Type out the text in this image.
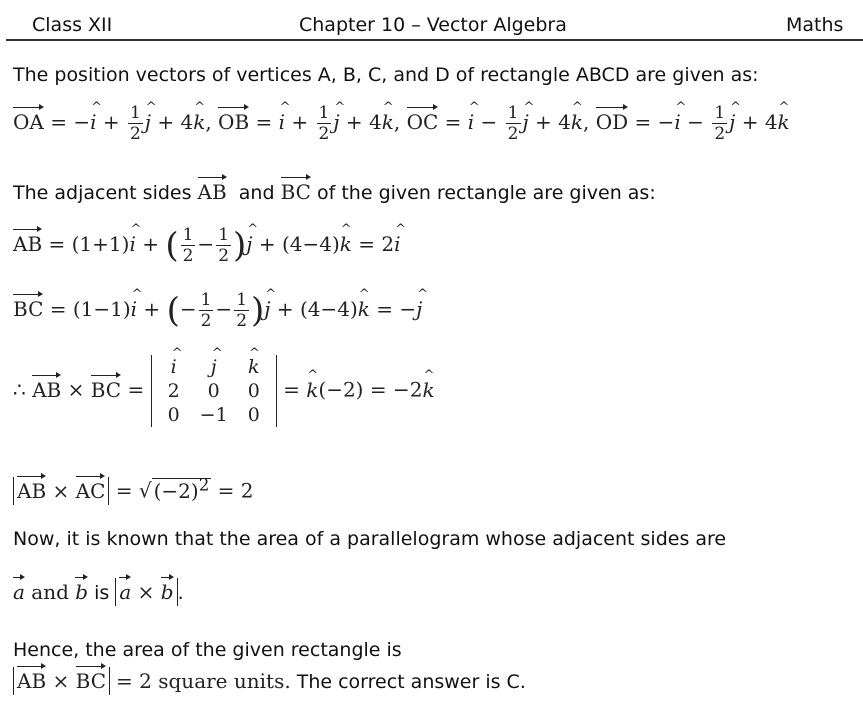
Class XII	Chapter 10 – Vector Algebra	Maths
The position vectors of vertices A, B, C, and D of rectangle ABCD are given as:
OA = −^ $i + \frac{1}{2}$ ^ j + 4^ k, OB = ^ $i + \frac{1}{2}$ ^ j + 4^ k, OC = ^ $i - \frac{1}{2}$ ^ j + 4^ k, OD = −^ $i - \frac{1}{2}$ ^ j + 4^ k
The adjacent sides AB and BC of the given rectangle are given as:
AB = (1+1)^ i + ( $\frac{1}{2} - \frac{1}{2}$ )^ j + (4−4)^ k = 2^ i
BC = (1−1)^ i + (− $\frac{1}{2} - \frac{1}{2}$ )^ j + (4−4)^ k = −^ j
∴ AB × BC =
^ i	^ j	^ k
2	0	0
0	−1	0
= ^ k(−2) = −2^ k
AB × AC = √ $(-2)^2 = 2$
Now, it is known that the area of a parallelogram whose adjacent sides are
a and b is a × b .
Hence, the area of the given rectangle is
AB × BC = 2 square units. The correct answer is C.
